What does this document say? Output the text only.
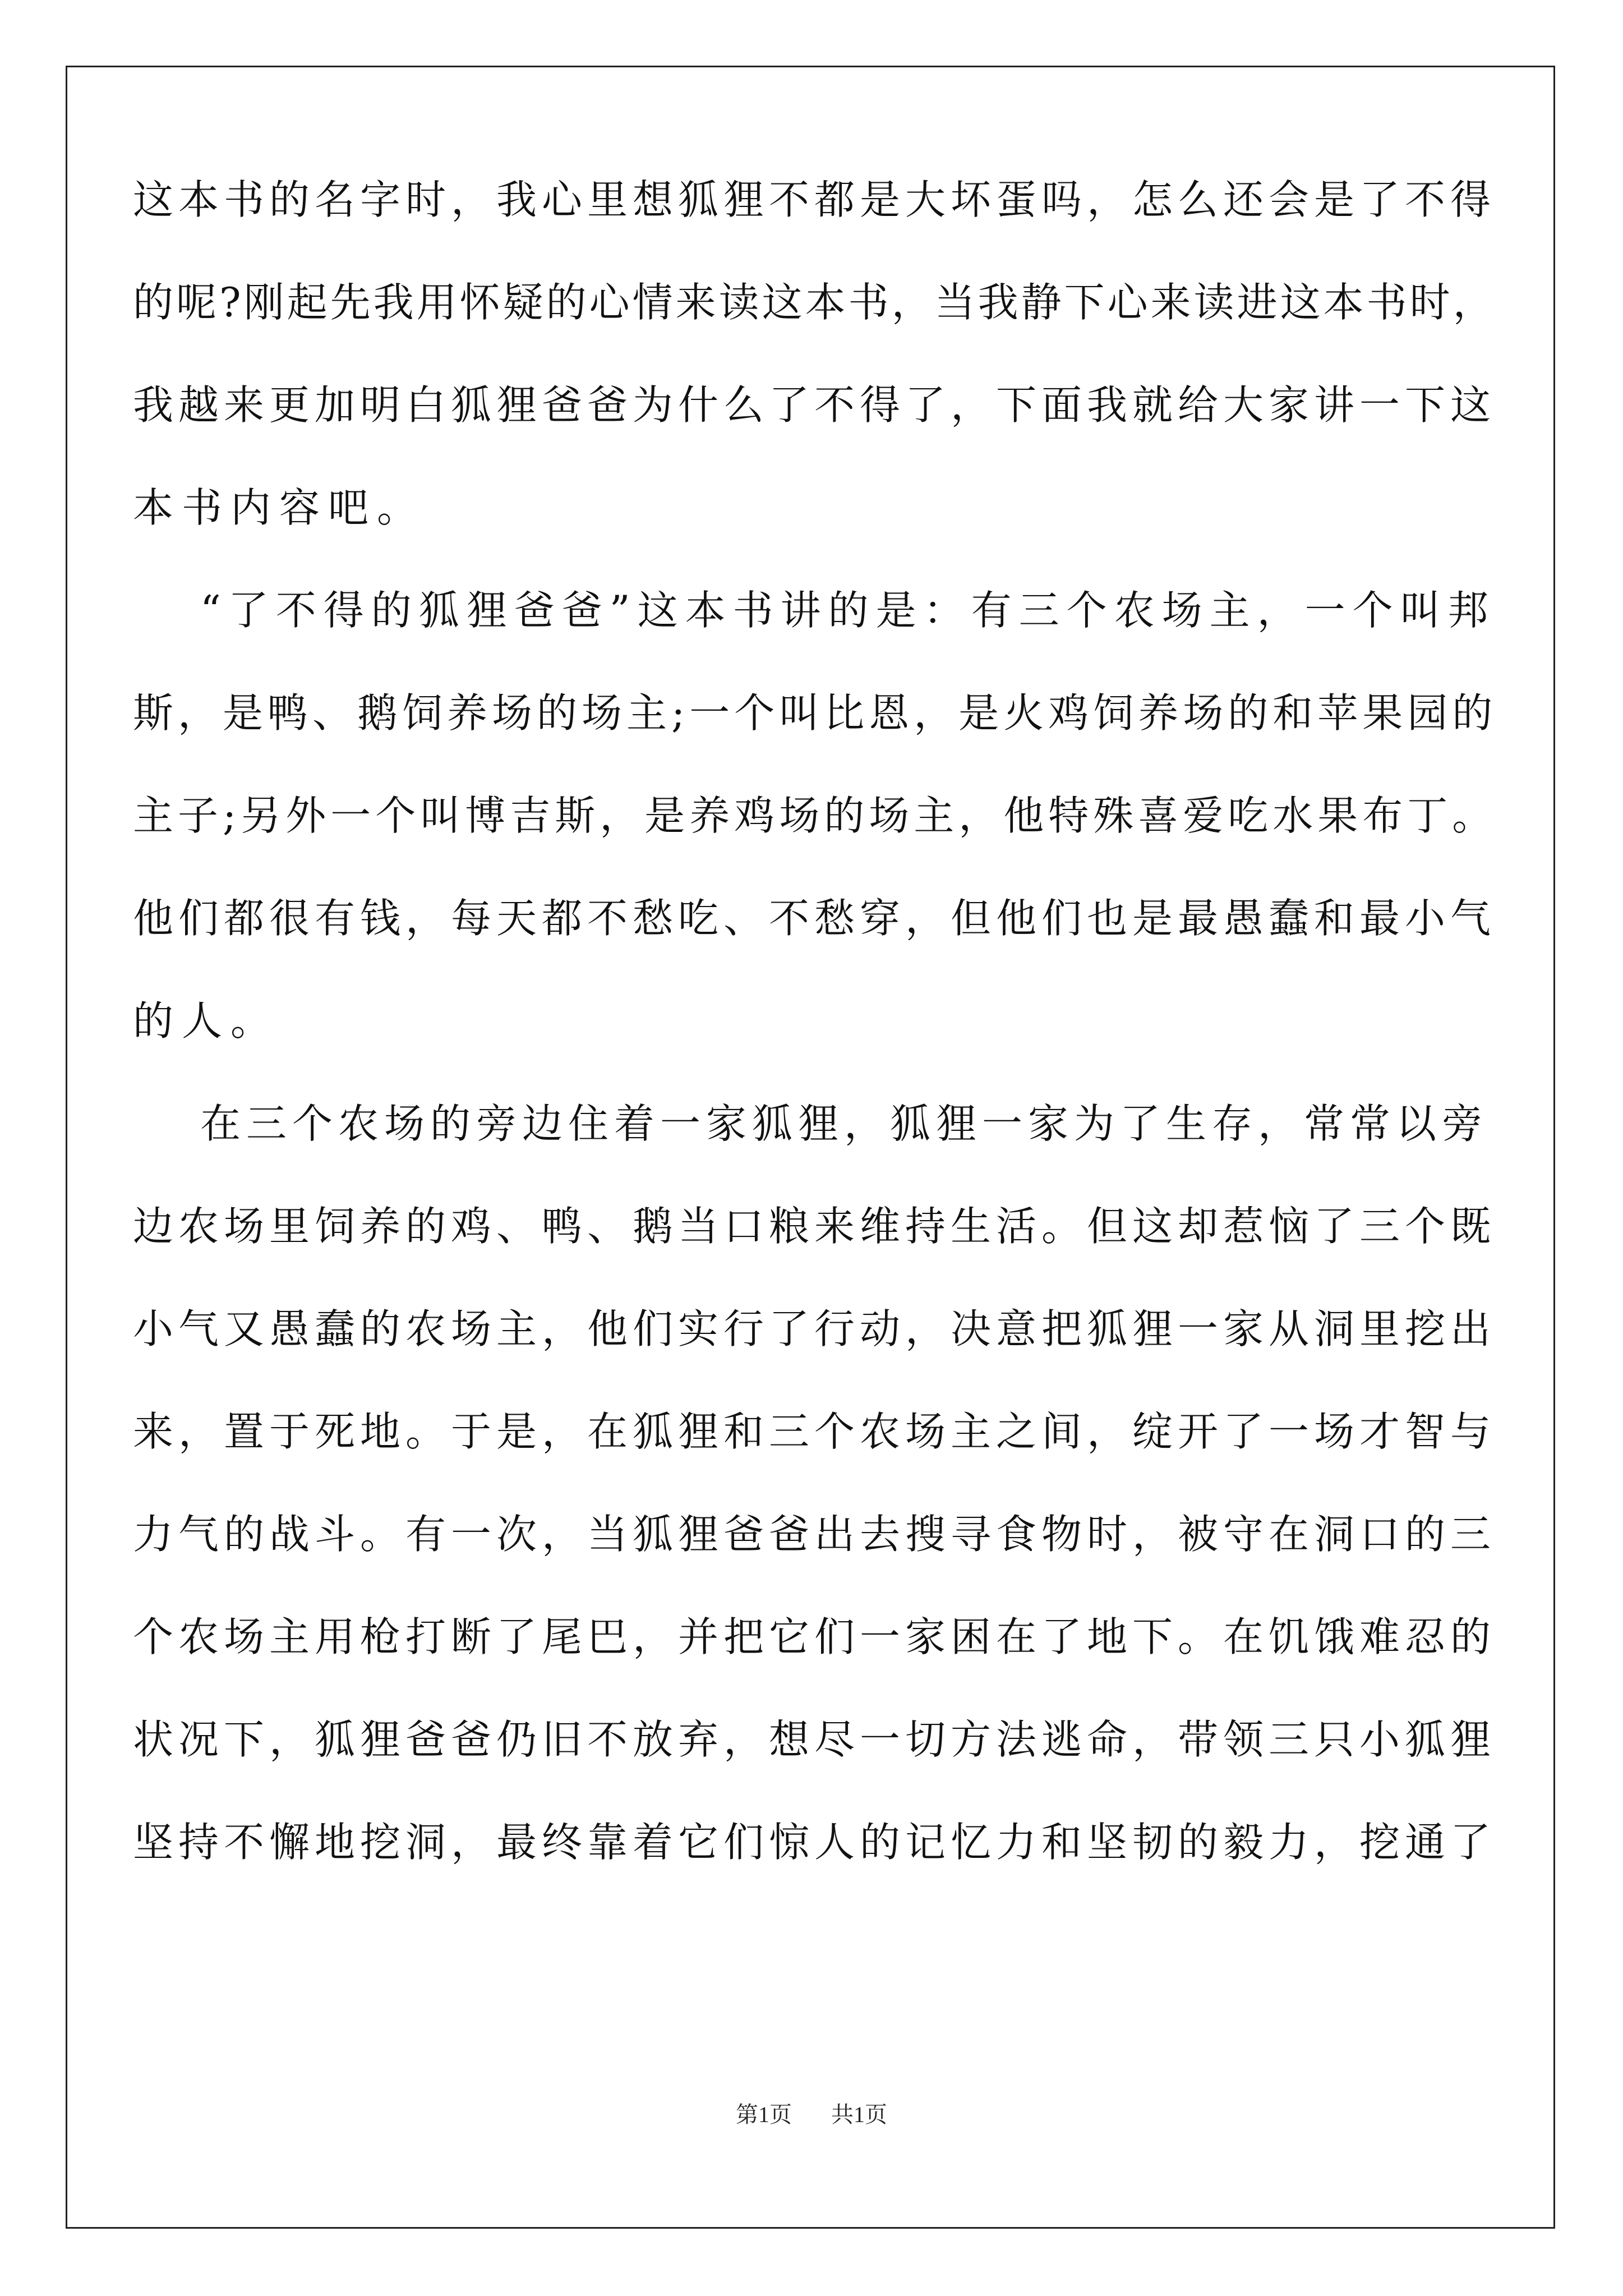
这本书的名字时，我心里想狐狸不都是大坏蛋吗，怎么还会是了不得

的呢?刚起先我用怀疑的心情来读这本书，当我静下心来读进这本书时，

我越来更加明白狐狸爸爸为什么了不得了，下面我就给大家讲一下这

本书内容吧。

“了不得的狐狸爸爸”这本书讲的是：有三个农场主，一个叫邦

斯，是鸭、鹅饲养场的场主;一个叫比恩，是火鸡饲养场的和苹果园的

主子;另外一个叫博吉斯，是养鸡场的场主，他特殊喜爱吃水果布丁。

他们都很有钱，每天都不愁吃、不愁穿，但他们也是最愚蠢和最小气

的人。

在三个农场的旁边住着一家狐狸，狐狸一家为了生存，常常以旁

边农场里饲养的鸡、鸭、鹅当口粮来维持生活。但这却惹恼了三个既

小气又愚蠢的农场主，他们实行了行动，决意把狐狸一家从洞里挖出

来，置于死地。于是，在狐狸和三个农场主之间，绽开了一场才智与

力气的战斗。有一次，当狐狸爸爸出去搜寻食物时，被守在洞口的三

个农场主用枪打断了尾巴，并把它们一家困在了地下。在饥饿难忍的

状况下，狐狸爸爸仍旧不放弃，想尽一切方法逃命，带领三只小狐狸

坚持不懈地挖洞，最终靠着它们惊人的记忆力和坚韧的毅力，挖通了

第1页 共1页
